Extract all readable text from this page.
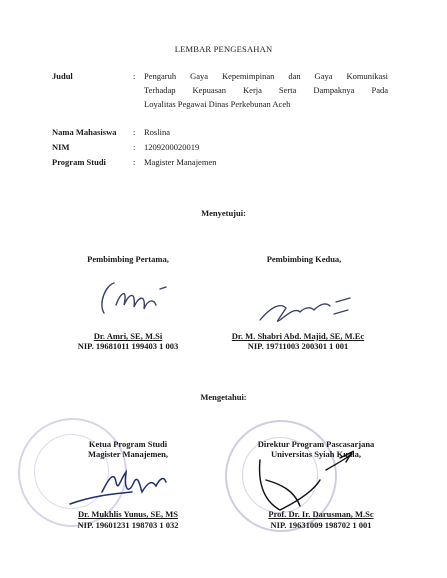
LEMBAR PENGESAHAN
Judul	: Pengaruh Gaya Kepemimpinan dan Gaya Komunikasi
Terhadap Kepuasan Kerja Serta Dampaknya Pada
Loyalitas Pegawai Dinas Perkebunan Aceh
Nama Mahasiswa : Roslina
NIM	: 1209200020019
Program Studi	: Magister Manajemen
Menyetujui:
Pembimbing Pertama,
Dr. Amri, SE, M.Si
NIP. 19681011 199403 1 003
Pembimbing Kedua,
Dr. M. Shabri Abd. Majid, SE, M.Ec
NIP. 19711003 200301 1 001
Mengetahui:
Ketua Program Studi
Magister Manajemen,
Dr. Mukhlis Yunus, SE, MS
NIP. 19601231 198703 1 032
Direktur Program Pascasarjana
Universitas Syiah Kuala,
Prof. Dr. Ir. Darusman, M.Sc
NIP. 19631009 198702 1 001
